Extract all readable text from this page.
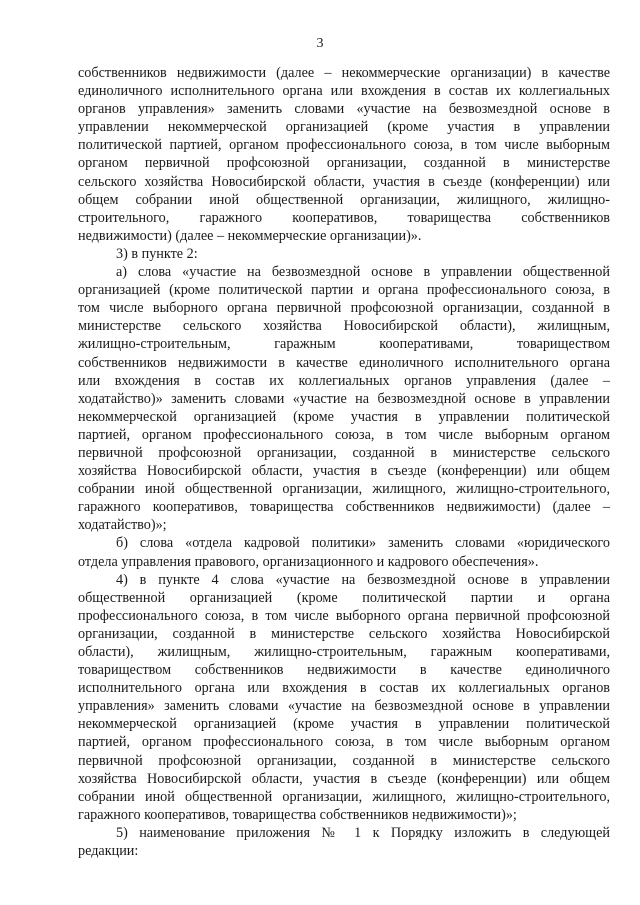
3
собственников недвижимости (далее – некоммерческие организации) в качестве
единоличного исполнительного органа или вхождения в состав их коллегиальных
органов управления» заменить словами «участие на безвозмездной основе в
управлении некоммерческой организацией (кроме участия в управлении
политической партией, органом профессионального союза, в том числе выборным
органом первичной профсоюзной организации, созданной в министерстве
сельского хозяйства Новосибирской области, участия в съезде (конференции) или
общем собрании иной общественной организации, жилищного, жилищно-
строительного, гаражного кооперативов, товарищества собственников
недвижимости) (далее – некоммерческие организации)».
3) в пункте 2:
а) слова «участие на безвозмездной основе в управлении общественной
организацией (кроме политической партии и органа профессионального союза, в
том числе выборного органа первичной профсоюзной организации, созданной в
министерстве сельского хозяйства Новосибирской области), жилищным,
жилищно-строительным, гаражным кооперативами, товариществом
собственников недвижимости в качестве единоличного исполнительного органа
или вхождения в состав их коллегиальных органов управления (далее –
ходатайство)» заменить словами «участие на безвозмездной основе в управлении
некоммерческой организацией (кроме участия в управлении политической
партией, органом профессионального союза, в том числе выборным органом
первичной профсоюзной организации, созданной в министерстве сельского
хозяйства Новосибирской области, участия в съезде (конференции) или общем
собрании иной общественной организации, жилищного, жилищно-строительного,
гаражного кооперативов, товарищества собственников недвижимости) (далее –
ходатайство)»;
б) слова «отдела кадровой политики» заменить словами «юридического
отдела управления правового, организационного и кадрового обеспечения».
4) в пункте 4 слова «участие на безвозмездной основе в управлении
общественной организацией (кроме политической партии и органа
профессионального союза, в том числе выборного органа первичной профсоюзной
организации, созданной в министерстве сельского хозяйства Новосибирской
области), жилищным, жилищно-строительным, гаражным кооперативами,
товариществом собственников недвижимости в качестве единоличного
исполнительного органа или вхождения в состав их коллегиальных органов
управления» заменить словами «участие на безвозмездной основе в управлении
некоммерческой организацией (кроме участия в управлении политической
партией, органом профессионального союза, в том числе выборным органом
первичной профсоюзной организации, созданной в министерстве сельского
хозяйства Новосибирской области, участия в съезде (конференции) или общем
собрании иной общественной организации, жилищного, жилищно-строительного,
гаражного кооперативов, товарищества собственников недвижимости)»;
5) наименование приложения № 1 к Порядку изложить в следующей
редакции:
